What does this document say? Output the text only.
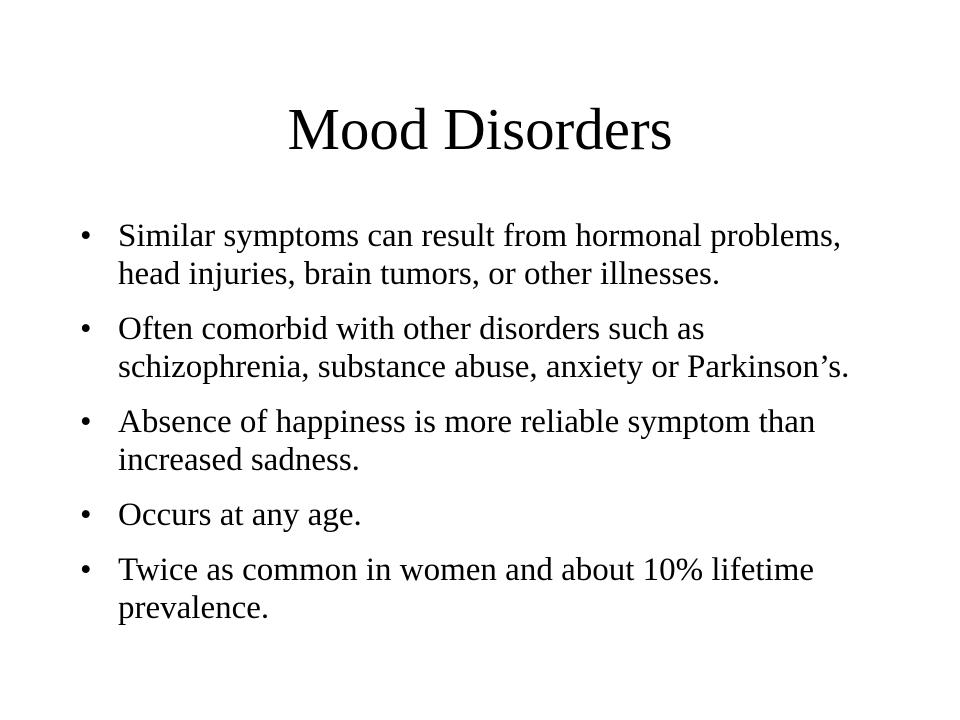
Mood Disorders
• Similar symptoms can result from hormonal problems, head injuries, brain tumors, or other illnesses.
• Often comorbid with other disorders such as schizophrenia, substance abuse, anxiety or Parkinson’s.
• Absence of happiness is more reliable symptom than increased sadness.
• Occurs at any age.
• Twice as common in women and about 10% lifetime prevalence.
